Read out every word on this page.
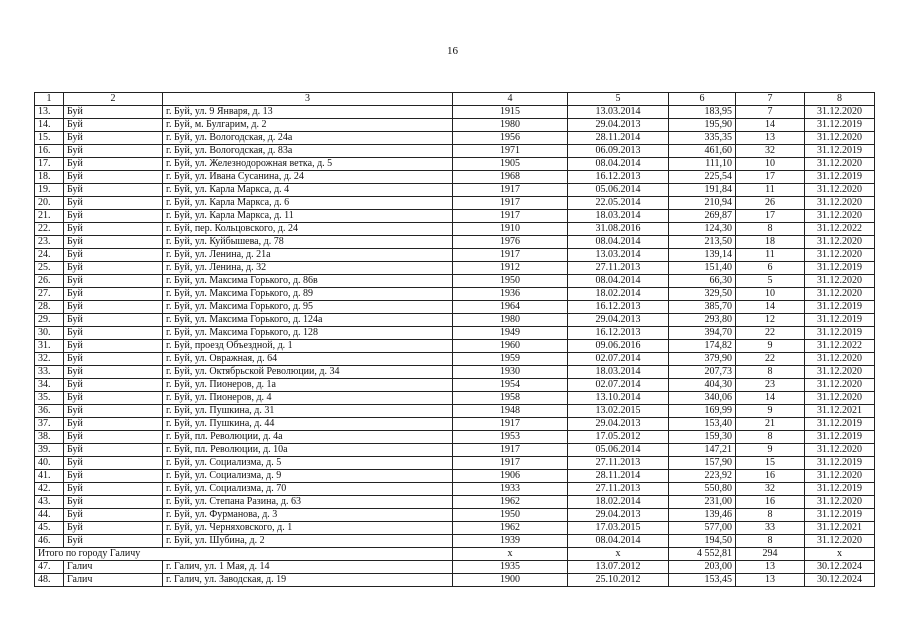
16
1	2	3	4	5	6	7	8
13.	Буй	г. Буй, ул. 9 Января, д. 13	1915	13.03.2014	183,95	7	31.12.2020
14.	Буй	г. Буй, м. Булгарим, д. 2	1980	29.04.2013	195,90	14	31.12.2019
15.	Буй	г. Буй, ул. Вологодская, д. 24а	1956	28.11.2014	335,35	13	31.12.2020
16.	Буй	г. Буй, ул. Вологодская, д. 83а	1971	06.09.2013	461,60	32	31.12.2019
17.	Буй	г. Буй, ул. Железнодорожная ветка, д. 5	1905	08.04.2014	111,10	10	31.12.2020
18.	Буй	г. Буй, ул. Ивана Сусанина, д. 24	1968	16.12.2013	225,54	17	31.12.2019
19.	Буй	г. Буй, ул. Карла Маркса, д. 4	1917	05.06.2014	191,84	11	31.12.2020
20.	Буй	г. Буй, ул. Карла Маркса, д. 6	1917	22.05.2014	210,94	26	31.12.2020
21.	Буй	г. Буй, ул. Карла Маркса, д. 11	1917	18.03.2014	269,87	17	31.12.2020
22.	Буй	г. Буй, пер. Кольцовского, д. 24	1910	31.08.2016	124,30	8	31.12.2022
23.	Буй	г. Буй, ул. Куйбышева, д. 78	1976	08.04.2014	213,50	18	31.12.2020
24.	Буй	г. Буй, ул. Ленина, д. 21а	1917	13.03.2014	139,14	11	31.12.2020
25.	Буй	г. Буй, ул. Ленина, д. 32	1912	27.11.2013	151,40	6	31.12.2019
26.	Буй	г. Буй, ул. Максима Горького, д. 86в	1950	08.04.2014	66,30	5	31.12.2020
27.	Буй	г. Буй, ул. Максима Горького, д. 89	1936	18.02.2014	329,50	10	31.12.2020
28.	Буй	г. Буй, ул. Максима Горького, д. 95	1964	16.12.2013	385,70	14	31.12.2019
29.	Буй	г. Буй, ул. Максима Горького, д. 124а	1980	29.04.2013	293,80	12	31.12.2019
30.	Буй	г. Буй, ул. Максима Горького, д. 128	1949	16.12.2013	394,70	22	31.12.2019
31.	Буй	г. Буй, проезд Объездной, д. 1	1960	09.06.2016	174,82	9	31.12.2022
32.	Буй	г. Буй, ул. Овражная, д. 64	1959	02.07.2014	379,90	22	31.12.2020
33.	Буй	г. Буй, ул. Октябрьской Революции, д. 34	1930	18.03.2014	207,73	8	31.12.2020
34.	Буй	г. Буй, ул. Пионеров, д. 1а	1954	02.07.2014	404,30	23	31.12.2020
35.	Буй	г. Буй, ул. Пионеров, д. 4	1958	13.10.2014	340,06	14	31.12.2020
36.	Буй	г. Буй, ул. Пушкина, д. 31	1948	13.02.2015	169,99	9	31.12.2021
37.	Буй	г. Буй, ул. Пушкина, д. 44	1917	29.04.2013	153,40	21	31.12.2019
38.	Буй	г. Буй, пл. Революции, д. 4а	1953	17.05.2012	159,30	8	31.12.2019
39.	Буй	г. Буй, пл. Революции, д. 10а	1917	05.06.2014	147,21	9	31.12.2020
40.	Буй	г. Буй, ул. Социализма, д. 5	1917	27.11.2013	157,90	15	31.12.2019
41.	Буй	г. Буй, ул. Социализма, д. 9	1906	28.11.2014	223,92	16	31.12.2020
42.	Буй	г. Буй, ул. Социализма, д. 70	1933	27.11.2013	550,80	32	31.12.2019
43.	Буй	г. Буй, ул. Степана Разина, д. 63	1962	18.02.2014	231,00	16	31.12.2020
44.	Буй	г. Буй, ул. Фурманова, д. 3	1950	29.04.2013	139,46	8	31.12.2019
45.	Буй	г. Буй, ул. Черняховского, д. 1	1962	17.03.2015	577,00	33	31.12.2021
46.	Буй	г. Буй, ул. Шубина, д. 2	1939	08.04.2014	194,50	8	31.12.2020
Итого по городу Галичу			x	x	4 552,81	294	x
47.	Галич	г. Галич, ул. 1 Мая, д. 14	1935	13.07.2012	203,00	13	30.12.2024
48.	Галич	г. Галич, ул. Заводская, д. 19	1900	25.10.2012	153,45	13	30.12.2024
